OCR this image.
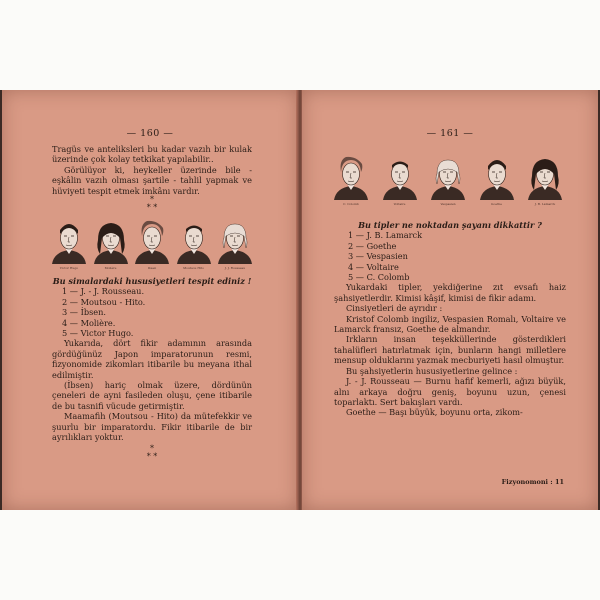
— 160 —

Tragüs ve anteliksleri bu kadar vazıh bir kulak üzerinde çok kolay tetkikat yapılabilir..

Görülüyor ki, heykeller üzerinde bile - eşkâlin vazıh olması şartile - tahlil yapmak ve hüviyeti tespit etmek imkânı vardır.

*
* *
Victor Hugo	Molière	Ibsen	Moutsou Hito	J. J. Rousseau

Bu simalardaki hususiyetleri tespit ediniz !

1 — J. - J. Rousseau.
2 — Moutsou - Hito.
3 — İbsen.
4 — Molière.
5 — Victor Hugo.

Yukarıda, dört fikir adamının arasında gördüğünüz Japon imparatorunun resmi, fizyonomide zikomları itibarile bu meyana ithal edilmiştir.

(İbsen) hariç olmak üzere, dördünün çeneleri de ayni fasileden oluşu, çene itibarile de bu tasnifi vücude getirmiştir.

Maamafih (Moutsou - Hito) da mütefekkir ve şuurlu bir imparatordu. Fikir itibarile de bir ayrılıkları yoktur.

*
* *
— 161 —
C. Colomb	Voltaire	Vespasien	Goethe	J. B. Lamarck

Bu tipler ne noktadan şayanı dikkattir ?

1 — J. B. Lamarck
2 — Goethe
3 — Vespasien
4 — Voltaire
5 — C. Colomb

Yukardaki tipler, yekdiğerine zıt evsafı haiz şahsiyetlerdir. Kimisi kâşif, kimisi de fikir adamı.

Cinsiyetleri de ayrıdır :

Kristof Colomb ingiliz, Vespasien Romalı, Voltaire ve Lamarck fransız, Goethe de almandır.

Irkların insan teşekküllerinde gösterdikleri tahalüfleri hatırlatmak için, bunların hangi milletlere mensup olduklarını yazmak mecburiyeti hasıl olmuştur.

Bu şahsiyetlerin hususiyetlerine gelince :

J. - J. Rousseau — Burnu hafif kemerli, ağızı büyük, alnı arkaya doğru geniş, boyunu uzun, çenesi toparlaktı. Sert bakışları vardı.

Goethe — Başı büyük, boyunu orta, zikom-

Fizyonomoni : 11
